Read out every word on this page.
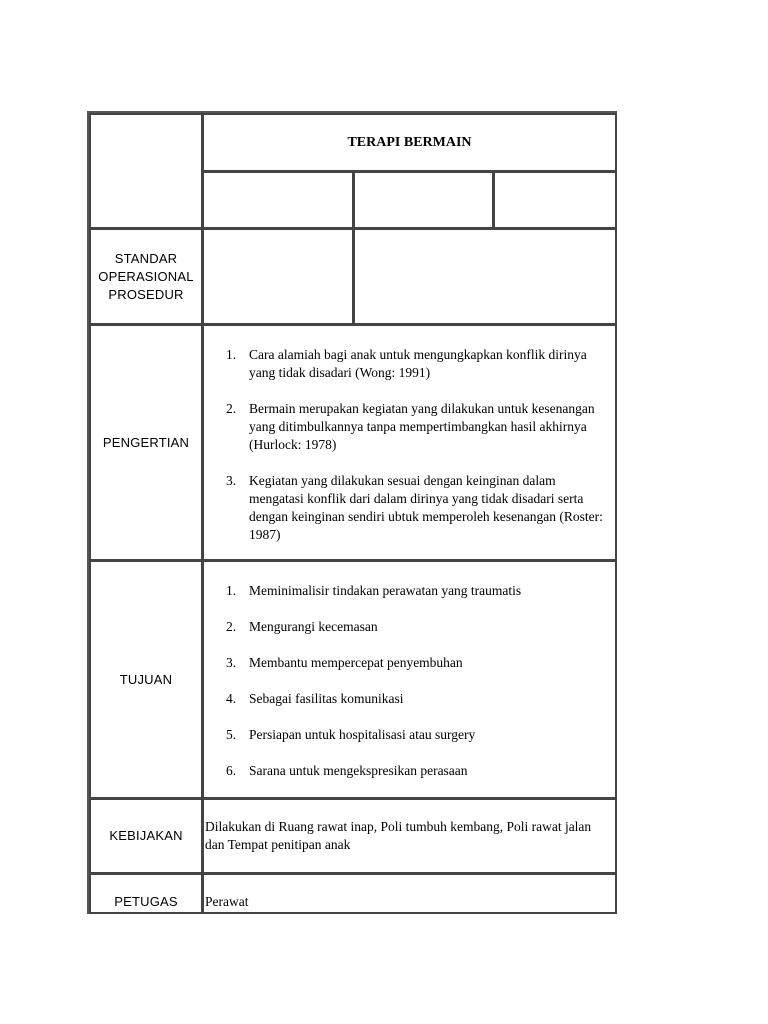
TERAPI BERMAIN
STANDAR
OPERASIONAL
PROSEDUR
PENGERTIAN
1. Cara alamiah bagi anak untuk mengungkapkan konflik dirinya yang tidak disadari (Wong: 1991)
2. Bermain merupakan kegiatan yang dilakukan untuk kesenangan yang ditimbulkannya tanpa mempertimbangkan hasil akhirnya (Hurlock: 1978)
3. Kegiatan yang dilakukan sesuai dengan keinginan dalam mengatasi konflik dari dalam dirinya yang tidak disadari serta dengan keinginan sendiri ubtuk memperoleh kesenangan (Roster: 1987)
TUJUAN
1. Meminimalisir tindakan perawatan yang traumatis
2. Mengurangi kecemasan
3. Membantu mempercepat penyembuhan
4. Sebagai fasilitas komunikasi
5. Persiapan untuk hospitalisasi atau surgery
6. Sarana untuk mengekspresikan perasaan
KEBIJAKAN
Dilakukan di Ruang rawat inap, Poli tumbuh kembang, Poli rawat jalan dan Tempat penitipan anak
PETUGAS Perawat
